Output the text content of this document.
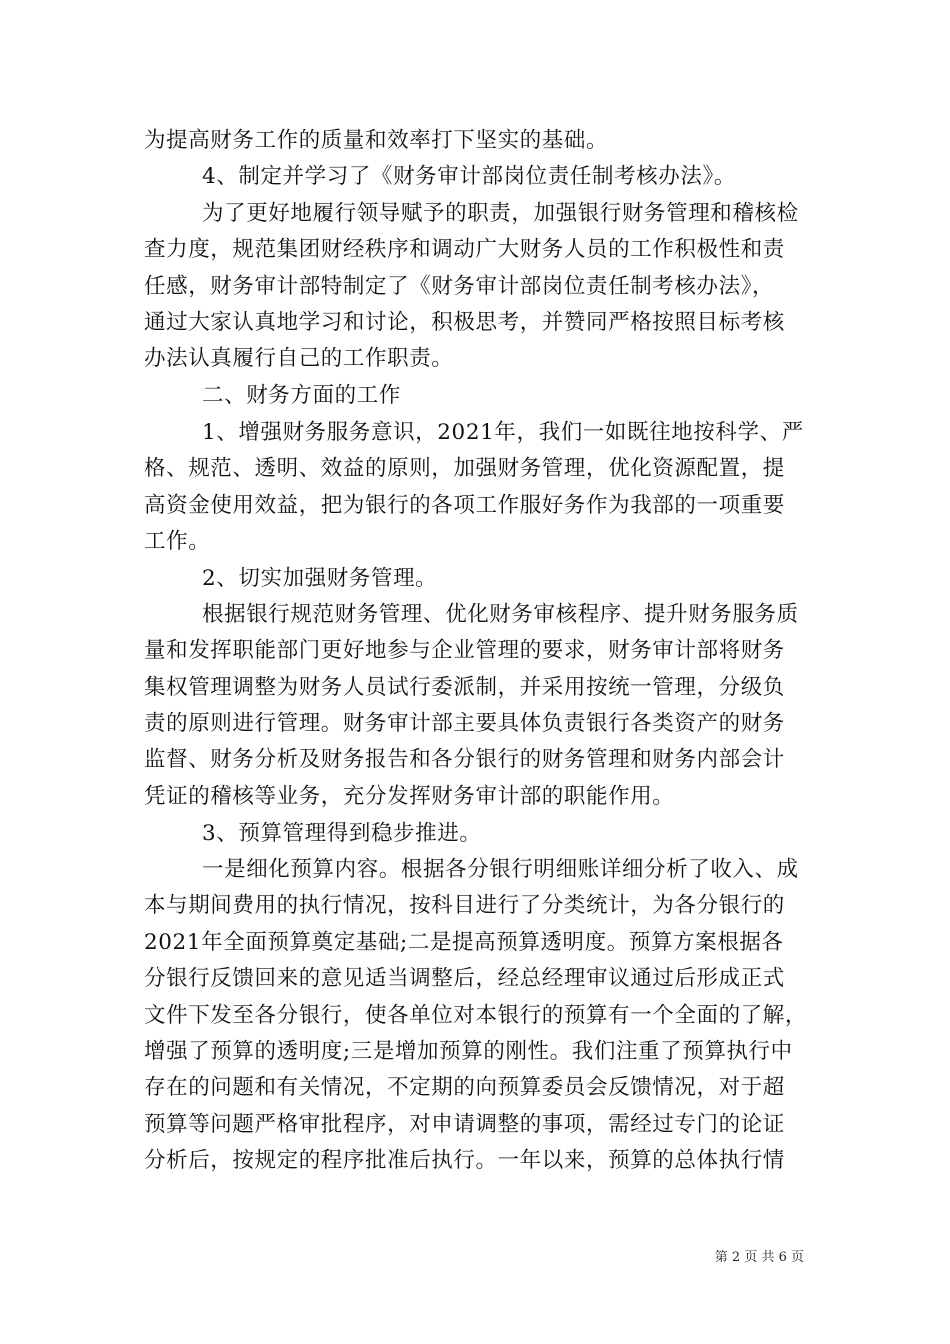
为提高财务工作的质量和效率打下坚实的基础。
4、制定并学习了《财务审计部岗位责任制考核办法》。
为了更好地履行领导赋予的职责，加强银行财务管理和稽核检
查力度，规范集团财经秩序和调动广大财务人员的工作积极性和责
任感，财务审计部特制定了《财务审计部岗位责任制考核办法》，
通过大家认真地学习和讨论，积极思考，并赞同严格按照目标考核
办法认真履行自己的工作职责。
二、财务方面的工作
1、增强财务服务意识，2021年，我们一如既往地按科学、严
格、规范、透明、效益的原则，加强财务管理，优化资源配置，提
高资金使用效益，把为银行的各项工作服好务作为我部的一项重要
工作。
2、切实加强财务管理。
根据银行规范财务管理、优化财务审核程序、提升财务服务质
量和发挥职能部门更好地参与企业管理的要求，财务审计部将财务
集权管理调整为财务人员试行委派制，并采用按统一管理，分级负
责的原则进行管理。财务审计部主要具体负责银行各类资产的财务
监督、财务分析及财务报告和各分银行的财务管理和财务内部会计
凭证的稽核等业务，充分发挥财务审计部的职能作用。
3、预算管理得到稳步推进。
一是细化预算内容。根据各分银行明细账详细分析了收入、成
本与期间费用的执行情况，按科目进行了分类统计，为各分银行的
2021年全面预算奠定基础;二是提高预算透明度。预算方案根据各
分银行反馈回来的意见适当调整后，经总经理审议通过后形成正式
文件下发至各分银行，使各单位对本银行的预算有一个全面的了解，
增强了预算的透明度;三是增加预算的刚性。我们注重了预算执行中
存在的问题和有关情况，不定期的向预算委员会反馈情况，对于超
预算等问题严格审批程序，对申请调整的事项，需经过专门的论证
分析后，按规定的程序批准后执行。一年以来，预算的总体执行情
第 2 页 共 6 页
